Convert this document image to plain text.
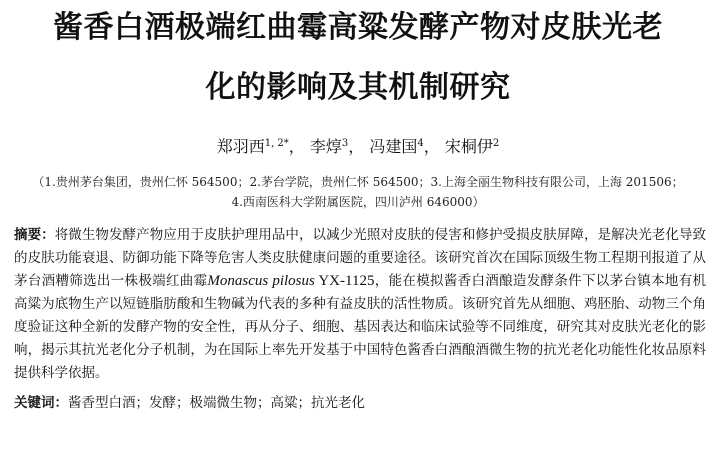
酱香白酒极端红曲霉高粱发酵产物对皮肤光老
化的影响及其机制研究
郑羽西$^{1, 2*}$， 李焞$^3$， 冯建国$^4$， 宋桐伊$^2$
（1.贵州茅台集团，贵州仁怀 564500；2.茅台学院，贵州仁怀 564500；3.上海全丽生物科技有限公司，上海 201506；
4.西南医科大学附属医院，四川泸州 646000）
摘要：将微生物发酵产物应用于皮肤护理用品中，以减少光照对皮肤的侵害和修护受损皮肤屏障，是解决光老化导致的皮肤功能衰退、防御功能下降等危害人类皮肤健康问题的重要途径。该研究首次在国际顶级生物工程期刊报道了从茅台酒糟筛选出一株极端红曲霉Monascus pilosus YX-1125，能在模拟酱香白酒酿造发酵条件下以茅台镇本地有机高粱为底物生产以短链脂肪酸和生物碱为代表的多种有益皮肤的活性物质。该研究首先从细胞、鸡胚胎、动物三个角度验证这种全新的发酵产物的安全性，再从分子、细胞、基因表达和临床试验等不同维度，研究其对皮肤光老化的影响，揭示其抗光老化分子机制，为在国际上率先开发基于中国特色酱香白酒酿酒微生物的抗光老化功能性化妆品原料提供科学依据。
关键词：酱香型白酒；发酵；极端微生物；高粱；抗光老化
